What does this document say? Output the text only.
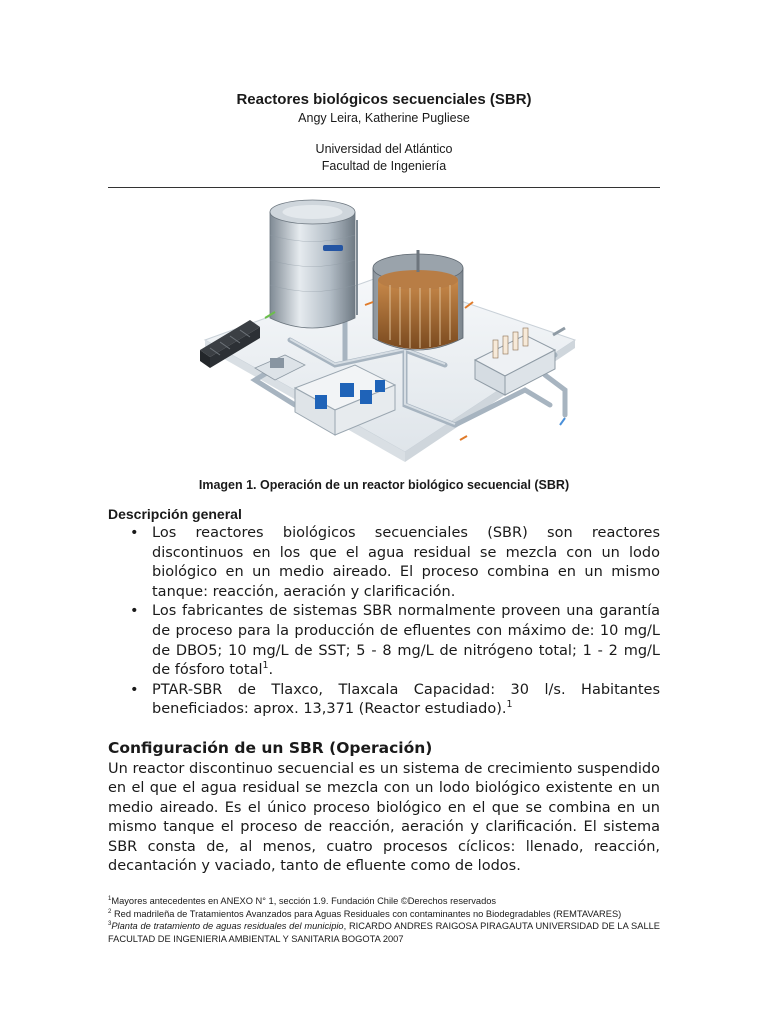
Reactores biológicos secuenciales (SBR)
Angy Leira, Katherine Pugliese
Universidad del Atlántico
Facultad de Ingeniería
Imagen 1. Operación de un reactor biológico secuencial (SBR)
Descripción general
• Los reactores biológicos secuenciales (SBR) son reactores discontinuos en los que el agua residual se mezcla con un lodo biológico en un medio aireado. El proceso combina en un mismo tanque: reacción, aeración y clarificación.
• Los fabricantes de sistemas SBR normalmente proveen una garantía de proceso para la producción de efluentes con máximo de: 10 mg/L de DBO5; 10 mg/L de SST; 5 - 8 mg/L de nitrógeno total; 1 - 2 mg/L de fósforo total$^1$.
• PTAR-SBR de Tlaxco, Tlaxcala Capacidad: 30 l/s. Habitantes beneficiados: aprox. 13,371 (Reactor estudiado).$^1$
Configuración de un SBR (Operación)

Un reactor discontinuo secuencial es un sistema de crecimiento suspendido en el que el agua residual se mezcla con un lodo biológico existente en un medio aireado. Es el único proceso biológico en el que se combina en un mismo tanque el proceso de reacción, aeración y clarificación. El sistema SBR consta de, al menos, cuatro procesos cíclicos: llenado, reacción, decantación y vaciado, tanto de efluente como de lodos.

$^1$Mayores antecedentes en ANEXO N° 1, sección 1.9. Fundación Chile ©Derechos reservados
$^2$ Red madrileña de Tratamientos Avanzados para Aguas Residuales con contaminantes no Biodegradables (REMTAVARES)
$^3$Planta de tratamiento de aguas residuales del municipio, RICARDO ANDRES RAIGOSA PIRAGAUTA UNIVERSIDAD DE LA SALLE FACULTAD DE INGENIERIA AMBIENTAL Y SANITARIA BOGOTA 2007
